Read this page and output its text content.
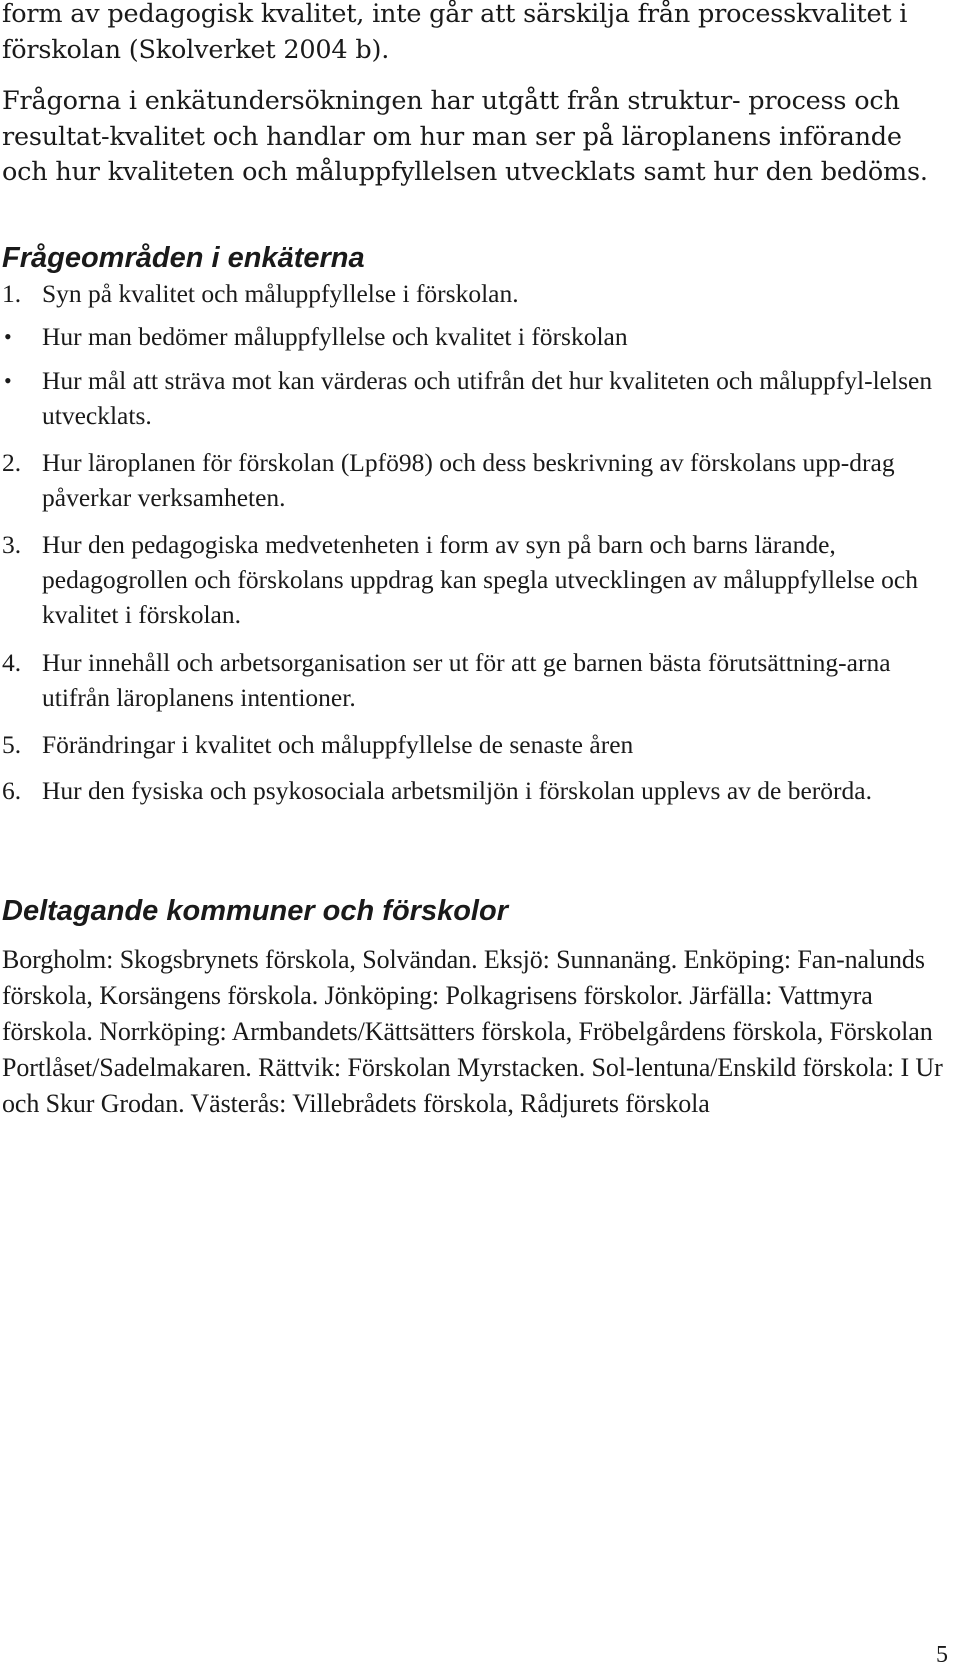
form av pedagogisk kvalitet, inte går att särskilja från processkvalitet i förskolan (Skolverket 2004 b).

Frågorna i enkätundersökningen har utgått från struktur- process och resultat-kvalitet och handlar om hur man ser på läroplanens införande och hur kvaliteten och måluppfyllelsen utvecklats samt hur den bedöms.

Frågeområden i enkäterna
1. Syn på kvalitet och måluppfyllelse i förskolan.
•	Hur man bedömer måluppfyllelse och kvalitet i förskolan
•	Hur mål att sträva mot kan värderas och utifrån det hur kvaliteten och måluppfyl-lelsen utvecklats.
2. Hur läroplanen för förskolan (Lpfö98) och dess beskrivning av förskolans upp-drag påverkar verksamheten.
3. Hur den pedagogiska medvetenheten i form av syn på barn och barns lärande, pedagogrollen och förskolans uppdrag kan spegla utvecklingen av måluppfyllelse och kvalitet i förskolan.
4. Hur innehåll och arbetsorganisation ser ut för att ge barnen bästa förutsättning-arna utifrån läroplanens intentioner.
5. Förändringar i kvalitet och måluppfyllelse de senaste åren
6. Hur den fysiska och psykosociala arbetsmiljön i förskolan upplevs av de berörda.
Deltagande kommuner och förskolor

Borgholm: Skogsbrynets förskola, Solvändan. Eksjö: Sunnanäng. Enköping: Fan-nalunds förskola, Korsängens förskola. Jönköping: Polkagrisens förskolor. Järfälla: Vattmyra förskola. Norrköping: Armbandets/Kättsätters förskola, Fröbelgårdens förskola, Förskolan Portlåset/Sadelmakaren. Rättvik: Förskolan Myrstacken. Sol-lentuna/Enskild förskola: I Ur och Skur Grodan. Västerås: Villebrådets förskola, Rådjurets förskola

5
